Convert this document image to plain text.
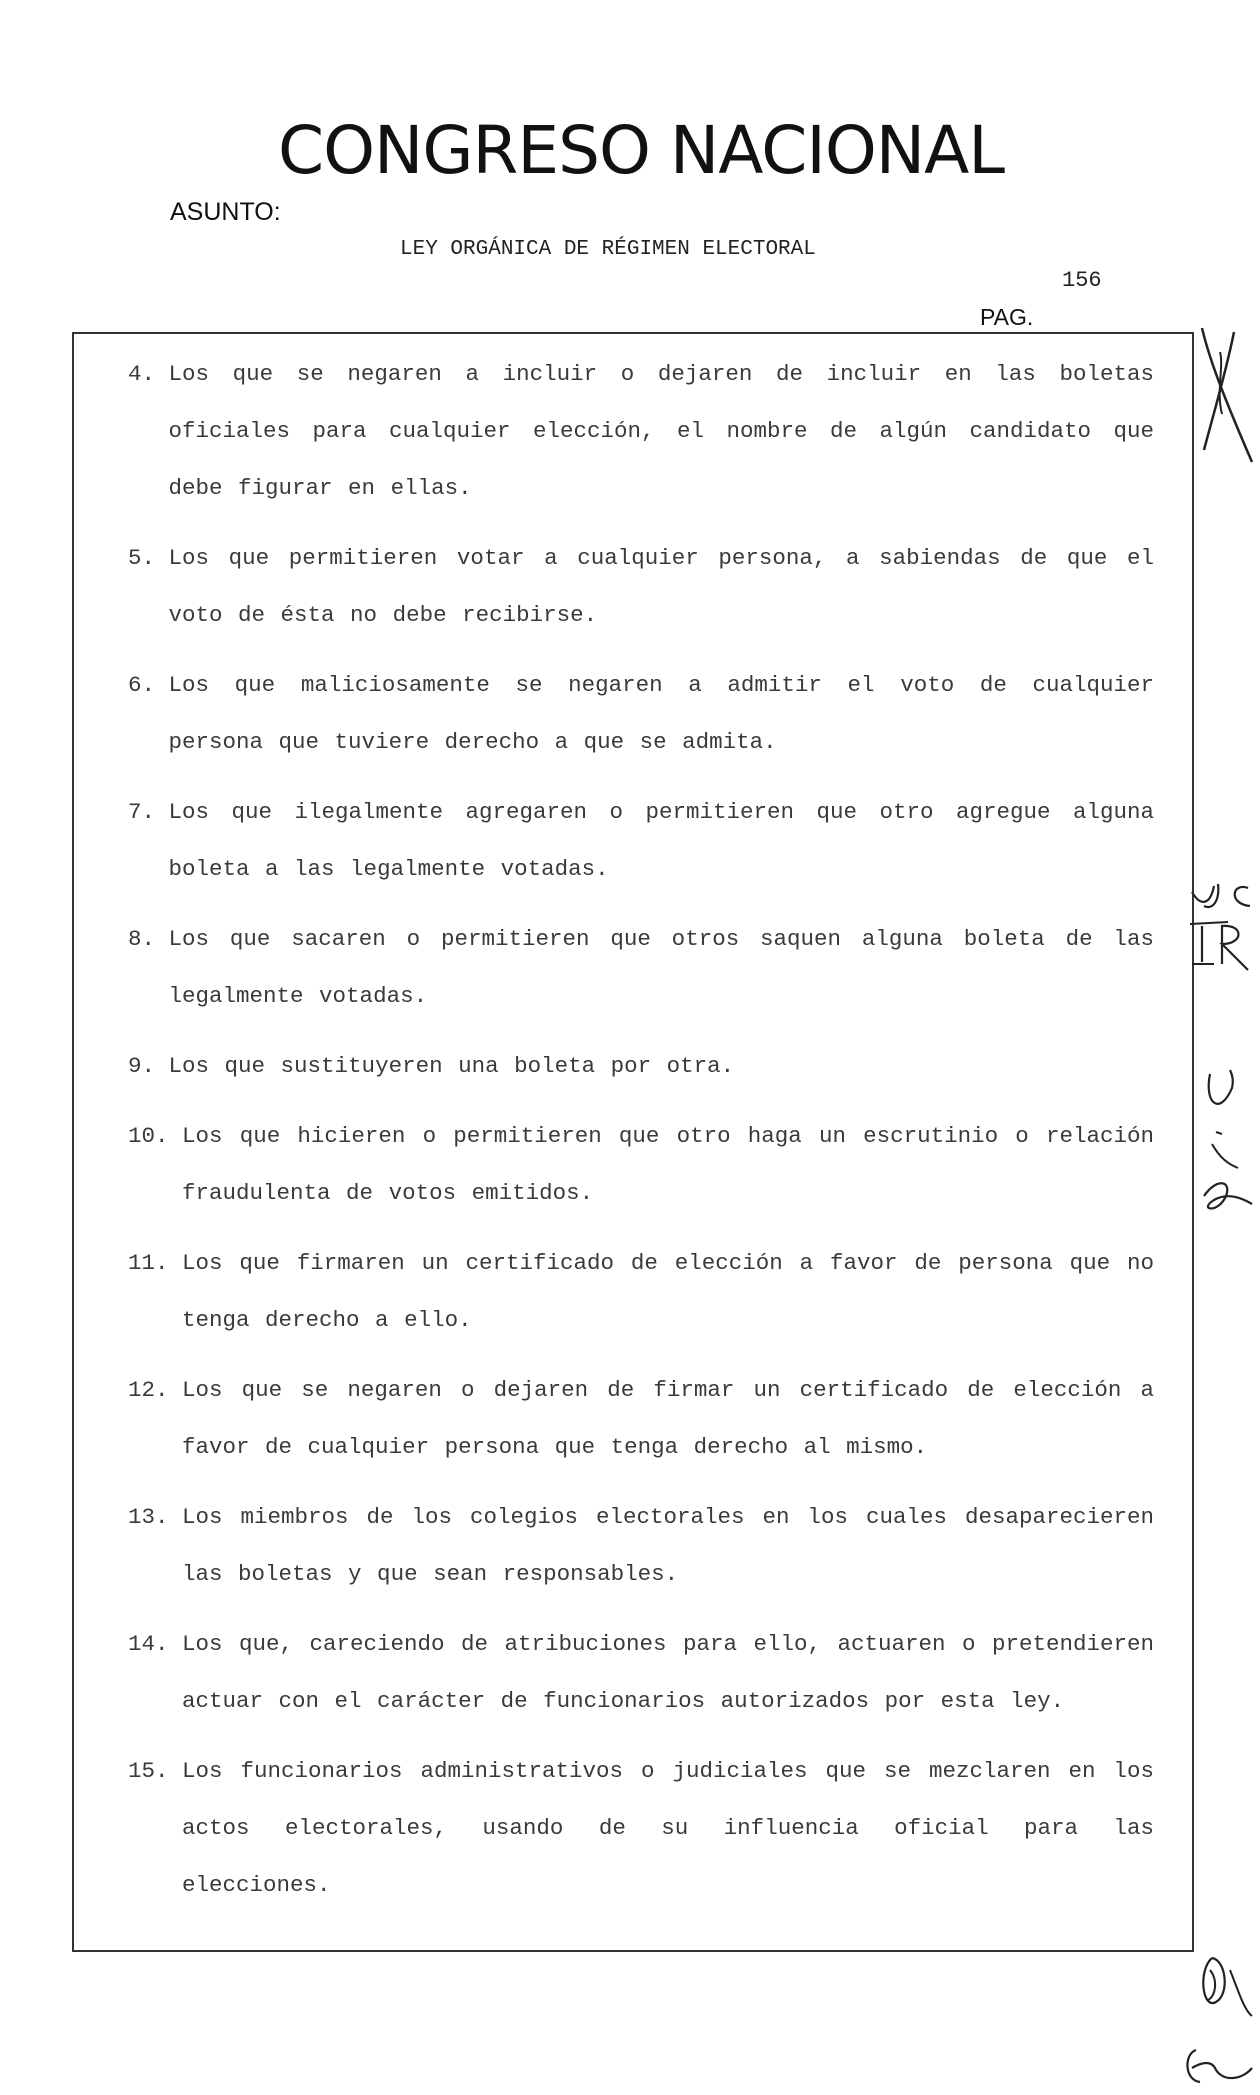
CONGRESO NACIONAL
ASUNTO:
LEY ORGÁNICA DE RÉGIMEN ELECTORAL
156
PAG.
4.
Los que se negaren a incluir o dejaren de incluir en las boletas oficiales para cualquier elección, el nombre de algún candidato que debe figurar en ellas.
5.
Los que permitieren votar a cualquier persona, a sabiendas de que el voto de ésta no debe recibirse.
6.
Los que maliciosamente se negaren a admitir el voto de cualquier persona que tuviere derecho a que se admita.
7.
Los que ilegalmente agregaren o permitieren que otro agregue alguna boleta a las legalmente votadas.
8.
Los que sacaren o permitieren que otros saquen alguna boleta de las legalmente votadas.
9.
Los que sustituyeren una boleta por otra.
10.
Los que hicieren o permitieren que otro haga un escrutinio o relación fraudulenta de votos emitidos.
11.
Los que firmaren un certificado de elección a favor de persona que no tenga derecho a ello.
12.
Los que se negaren o dejaren de firmar un certificado de elección a favor de cualquier persona que tenga derecho al mismo.
13.
Los miembros de los colegios electorales en los cuales desaparecieren las boletas y que sean responsables.
14.
Los que, careciendo de atribuciones para ello, actuaren o pretendieren actuar con el carácter de funcionarios autorizados por esta ley.
15.
Los funcionarios administrativos o judiciales que se mezclaren en los actos electorales, usando de su influencia oficial para las elecciones.
